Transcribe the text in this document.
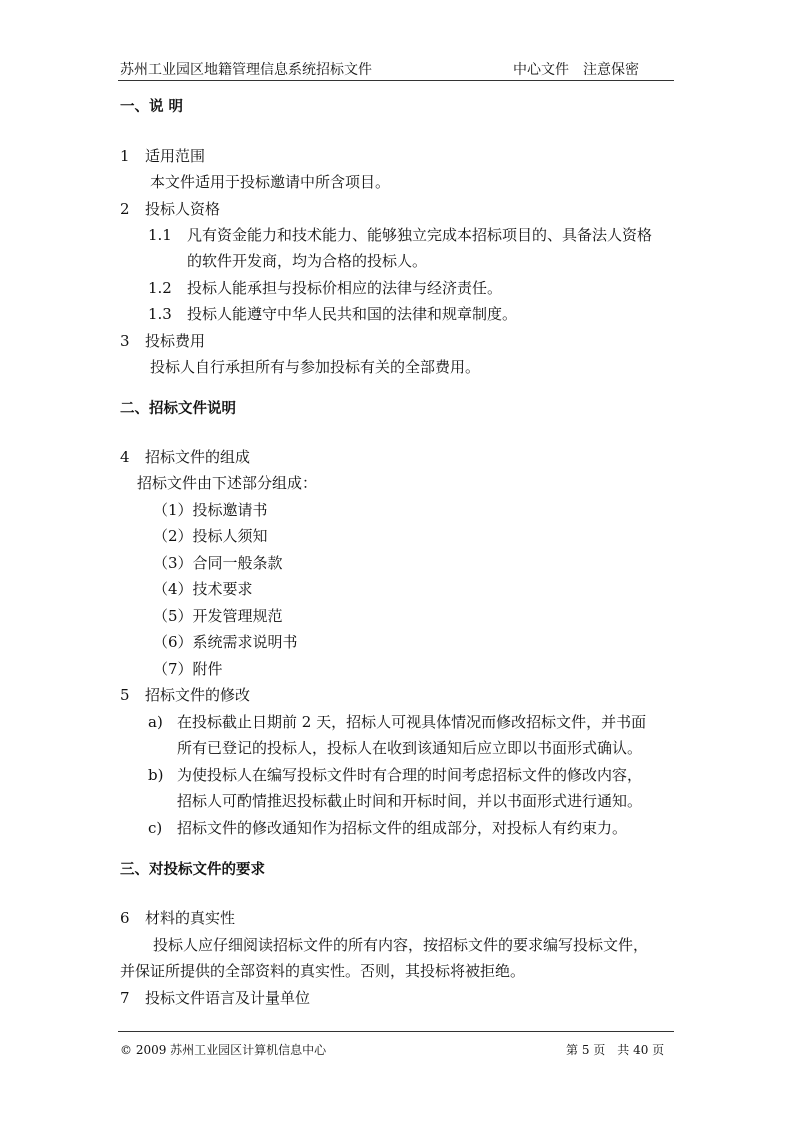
苏州工业园区地籍管理信息系统招标文件	中心文件　注意保密
一、说 明
1 适用范围
本文件适用于投标邀请中所含项目。
2 投标人资格
1.1 凡有资金能力和技术能力、能够独立完成本招标项目的、具备法人资格
的软件开发商，均为合格的投标人。
1.2 投标人能承担与投标价相应的法律与经济责任。
1.3 投标人能遵守中华人民共和国的法律和规章制度。
3 投标费用
投标人自行承担所有与参加投标有关的全部费用。
二、招标文件说明
4 招标文件的组成
招标文件由下述部分组成：
（1）投标邀请书
（2）投标人须知
（3）合同一般条款
（4）技术要求
（5）开发管理规范
（6）系统需求说明书
（7）附件
5 招标文件的修改
a) 在投标截止日期前 2 天，招标人可视具体情况而修改招标文件，并书面
所有已登记的投标人，投标人在收到该通知后应立即以书面形式确认。
b) 为使投标人在编写投标文件时有合理的时间考虑招标文件的修改内容，
招标人可酌情推迟投标截止时间和开标时间，并以书面形式进行通知。
c) 招标文件的修改通知作为招标文件的组成部分，对投标人有约束力。
三、对投标文件的要求
6 材料的真实性
投标人应仔细阅读招标文件的所有内容，按招标文件的要求编写投标文件，
并保证所提供的全部资料的真实性。否则，其投标将被拒绝。
7 投标文件语言及计量单位
© 2009 苏州工业园区计算机信息中心	第 5 页　共 40 页
